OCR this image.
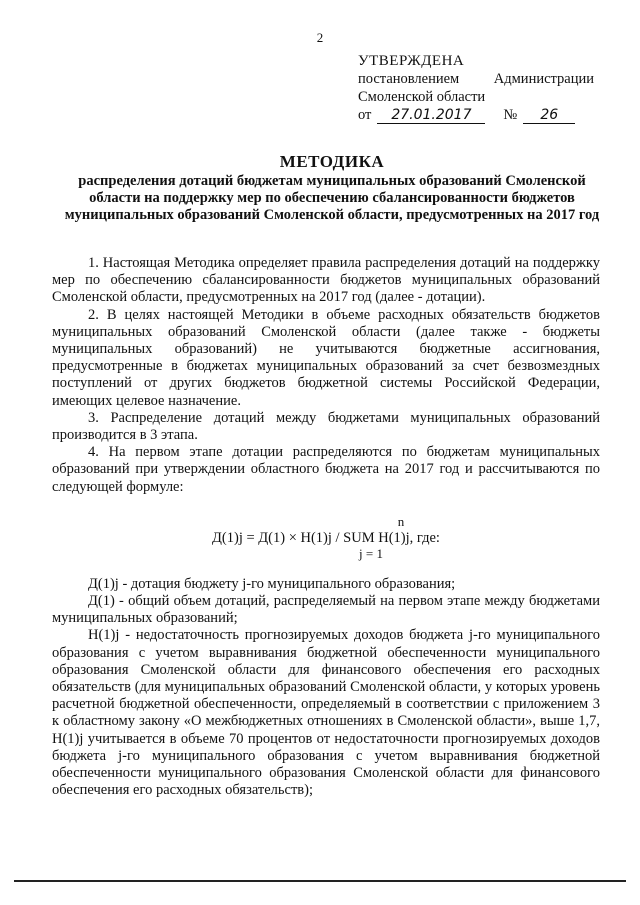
2
УТВЕРЖДЕНА
постановлением Администрации
Смоленской области
от	27.01.2017	№	26
МЕТОДИКА
распределения дотаций бюджетам муниципальных образований Смоленской области на поддержку мер по обеспечению сбалансированности бюджетов муниципальных образований Смоленской области, предусмотренных на 2017 год

1. Настоящая Методика определяет правила распределения дотаций на поддержку мер по обеспечению сбалансированности бюджетов муниципальных образований Смоленской области, предусмотренных на 2017 год (далее - дотации).

2. В целях настоящей Методики в объеме расходных обязательств бюджетов муниципальных образований Смоленской области (далее также - бюджеты муниципальных образований) не учитываются бюджетные ассигнования, предусмотренные в бюджетах муниципальных образований за счет безвозмездных поступлений от других бюджетов бюджетной системы Российской Федерации, имеющих целевое назначение.

3. Распределение дотаций между бюджетами муниципальных образований производится в 3 этапа.

4. На первом этапе дотации распределяются по бюджетам муниципальных образований при утверждении областного бюджета на 2017 год и рассчитываются по следующей формуле:

n
Д(1)j = Д(1) × Н(1)j / SUM Н(1)j, где:
j = 1

Д(1)j - дотация бюджету j-го муниципального образования;

Д(1) - общий объем дотаций, распределяемый на первом этапе между бюджетами муниципальных образований;

Н(1)j - недостаточность прогнозируемых доходов бюджета j-го муниципального образования с учетом выравнивания бюджетной обеспеченности муниципального образования Смоленской области для финансового обеспечения его расходных обязательств (для муниципальных образований Смоленской области, у которых уровень расчетной бюджетной обеспеченности, определяемый в соответствии с приложением 3 к областному закону «О межбюджетных отношениях в Смоленской области», выше 1,7, Н(1)j учитывается в объеме 70 процентов от недостаточности прогнозируемых доходов бюджета j-го муниципального образования с учетом выравнивания бюджетной обеспеченности муниципального образования Смоленской области для финансового обеспечения его расходных обязательств);
